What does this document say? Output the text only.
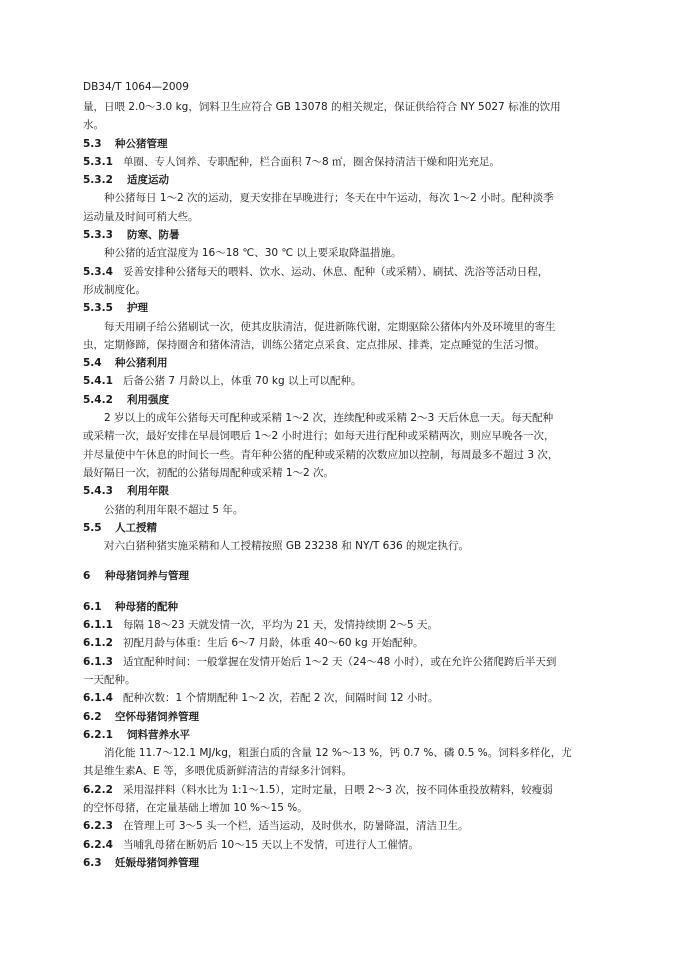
DB34/T 1064—2009
量，日喂 2.0～3.0 kg，饲料卫生应符合 GB 13078 的相关规定，保证供给符合 NY 5027 标准的饮用
水。
5.3 种公猪管理
5.3.1 单圈、专人饲养、专职配种，栏合面积 7～8 ㎡，圈舍保持清洁干燥和阳光充足。
5.3.2 适度运动
种公猪每日 1～2 次的运动，夏天安排在早晚进行；冬天在中午运动，每次 1～2 小时。配种淡季
运动量及时间可稍大些。
5.3.3 防寒、防暑
种公猪的适宜湿度为 16～18 ℃、30 ℃ 以上要采取降温措施。
5.3.4 妥善安排种公猪每天的喂料、饮水、运动、休息、配种（或采精）、刷拭、洗浴等活动日程，
形成制度化。
5.3.5 护理
每天用刷子给公猪刷试一次，使其皮肤清洁，促进新陈代谢，定期驱除公猪体内外及环境里的寄生
虫，定期修蹄，保持圈舍和猪体清洁，训练公猪定点采食、定点排尿、排粪，定点睡觉的生活习惯。
5.4 种公猪利用
5.4.1 后备公猪 7 月龄以上，体重 70 kg 以上可以配种。
5.4.2 利用强度
2 岁以上的成年公猪每天可配种或采精 1～2 次，连续配种或采精 2～3 天后休息一天。每天配种
或采精一次，最好安排在早晨饲喂后 1～2 小时进行；如每天进行配种或采精两次，则应早晚各一次，
并尽量使中午休息的时间长一些。青年种公猪的配种或采精的次数应加以控制，每周最多不超过 3 次，
最好隔日一次，初配的公猪每周配种或采精 1～2 次。
5.4.3 利用年限
公猪的利用年限不超过 5 年。
5.5 人工授精
对六白猪种猪实施采精和人工授精按照 GB 23238 和 NY/T 636 的规定执行。
6 种母猪饲养与管理
6.1 种母猪的配种
6.1.1 每隔 18～23 天就发情一次，平均为 21 天，发情持续期 2～5 天。
6.1.2 初配月龄与体重：生后 6～7 月龄，体重 40～60 kg 开始配种。
6.1.3 适宜配种时间：一般掌握在发情开始后 1～2 天（24～48 小时），或在允许公猪爬跨后半天到
一天配种。
6.1.4 配种次数：1 个情期配种 1～2 次，若配 2 次，间隔时间 12 小时。
6.2 空怀母猪饲养管理
6.2.1 饲料营养水平
消化能 11.7～12.1 MJ/kg，粗蛋白质的含量 12 %～13 %，钙 0.7 %、磷 0.5 %。饲料多样化，尤
其是维生素A、E 等，多喂优质新鲜清洁的青绿多汁饲料。
6.2.2 采用湿拌料（料水比为 1:1～1.5），定时定量，日喂 2～3 次，按不同体重投放精料，较瘦弱
的空怀母猪，在定量基础上增加 10 %～15 %。
6.2.3 在管理上可 3～5 头一个栏，适当运动，及时供水，防暑降温，清洁卫生。
6.2.4 当哺乳母猪在断奶后 10～15 天以上不发情，可进行人工催情。
6.3 妊娠母猪饲养管理
